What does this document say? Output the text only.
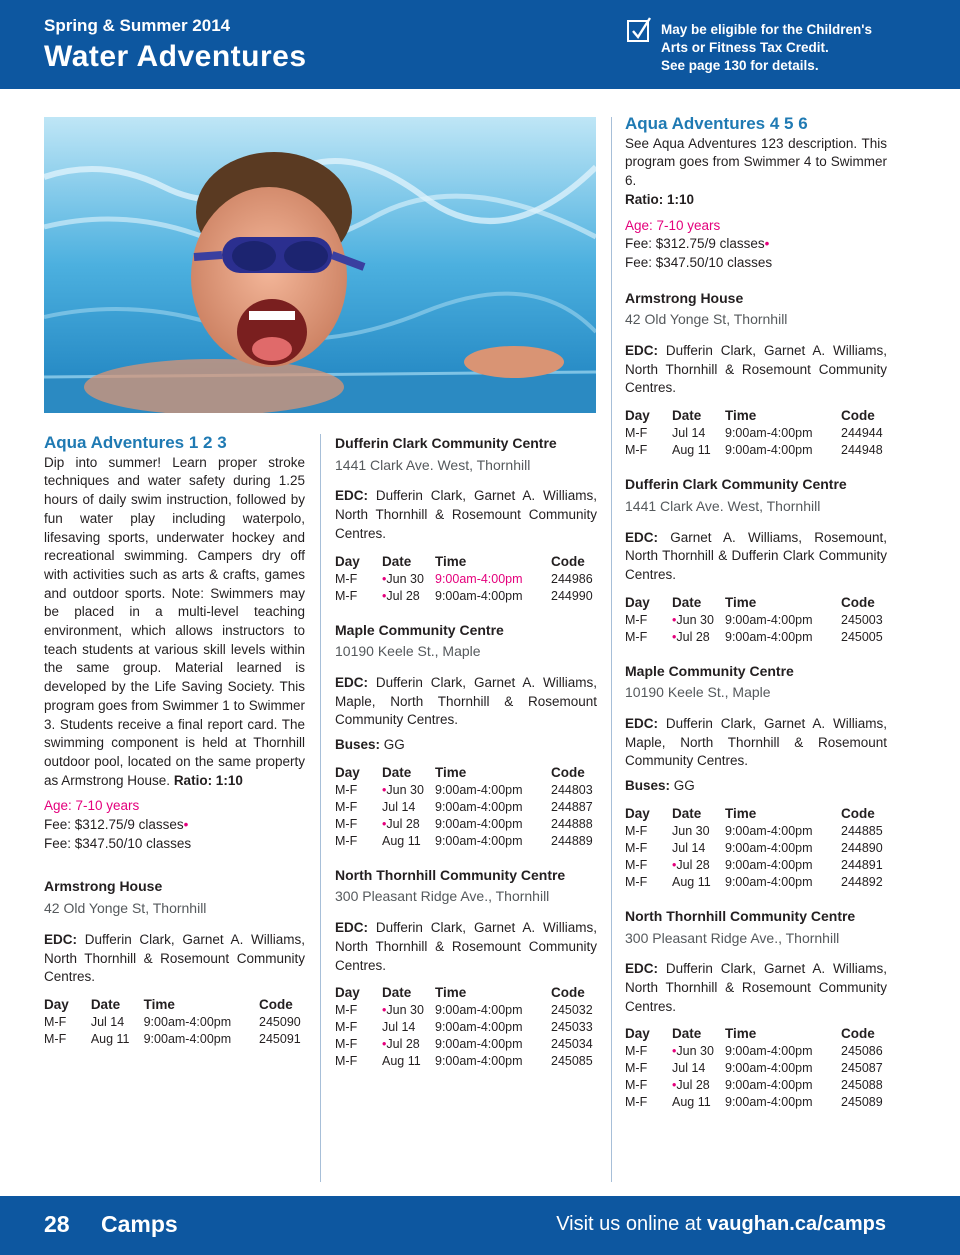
Spring & Summer 2014
Water Adventures
May be eligible for the Children's
Arts or Fitness Tax Credit.
See page 130 for details.
Aqua Adventures 1 2 3
Dip into summer! Learn proper stroke techniques and water safety during 1.25 hours of daily swim instruction, followed by fun water play including waterpolo, lifesaving sports, underwater hockey and recreational swimming. Campers dry off with activities such as arts & crafts, games and outdoor sports. Note: Swimmers may be placed in a multi-level teaching environment, which allows instructors to teach students at various skill levels within the same group. Material learned is developed by the Life Saving Society. This program goes from Swimmer 1 to Swimmer 3. Students receive a final report card. The swimming component is held at Thornhill outdoor pool, located on the same property as Armstrong House. Ratio: 1:10
Age: 7-10 years
Fee: $312.75/9 classes•
Fee: $347.50/10 classes
Armstrong House
42 Old Yonge St, Thornhill
EDC: Dufferin Clark, Garnet A. Williams, North Thornhill & Rosemount Community Centres.
Day	Date	Time	Code
M-F	Jul 14	9:00am-4:00pm	245090
M-F	Aug 11	9:00am-4:00pm	245091
Dufferin Clark Community Centre
1441 Clark Ave. West, Thornhill
EDC: Dufferin Clark, Garnet A. Williams, North Thornhill & Rosemount Community Centres.
Day	Date	Time	Code
M-F	•Jun 30	9:00am-4:00pm	244986
M-F	•Jul 28	9:00am-4:00pm	244990
Maple Community Centre
10190 Keele St., Maple
EDC: Dufferin Clark, Garnet A. Williams, Maple, North Thornhill & Rosemount Community Centres.
Buses: GG
Day	Date	Time	Code
M-F	•Jun 30	9:00am-4:00pm	244803
M-F	Jul 14	9:00am-4:00pm	244887
M-F	•Jul 28	9:00am-4:00pm	244888
M-F	Aug 11	9:00am-4:00pm	244889
North Thornhill Community Centre
300 Pleasant Ridge Ave., Thornhill
EDC: Dufferin Clark, Garnet A. Williams, North Thornhill & Rosemount Community Centres.
Day	Date	Time	Code
M-F	•Jun 30	9:00am-4:00pm	245032
M-F	Jul 14	9:00am-4:00pm	245033
M-F	•Jul 28	9:00am-4:00pm	245034
M-F	Aug 11	9:00am-4:00pm	245085
Aqua Adventures 4 5 6
See Aqua Adventures 123 description. This program goes from Swimmer 4 to Swimmer 6.
Ratio: 1:10
Age: 7-10 years
Fee: $312.75/9 classes•
Fee: $347.50/10 classes
Armstrong House
42 Old Yonge St, Thornhill
EDC: Dufferin Clark, Garnet A. Williams, North Thornhill & Rosemount Community Centres.
Day	Date	Time	Code
M-F	Jul 14	9:00am-4:00pm	244944
M-F	Aug 11	9:00am-4:00pm	244948
Dufferin Clark Community Centre
1441 Clark Ave. West, Thornhill
EDC: Garnet A. Williams, Rosemount, North Thornhill & Dufferin Clark Community Centres.
Day	Date	Time	Code
M-F	•Jun 30	9:00am-4:00pm	245003
M-F	•Jul 28	9:00am-4:00pm	245005
Maple Community Centre
10190 Keele St., Maple
EDC: Dufferin Clark, Garnet A. Williams, Maple, North Thornhill & Rosemount Community Centres.
Buses: GG
Day	Date	Time	Code
M-F	Jun 30	9:00am-4:00pm	244885
M-F	Jul 14	9:00am-4:00pm	244890
M-F	•Jul 28	9:00am-4:00pm	244891
M-F	Aug 11	9:00am-4:00pm	244892
North Thornhill Community Centre
300 Pleasant Ridge Ave., Thornhill
EDC: Dufferin Clark, Garnet A. Williams, North Thornhill & Rosemount Community Centres.
Day	Date	Time	Code
M-F	•Jun 30	9:00am-4:00pm	245086
M-F	Jul 14	9:00am-4:00pm	245087
M-F	•Jul 28	9:00am-4:00pm	245088
M-F	Aug 11	9:00am-4:00pm	245089
28 Camps	Visit us online at vaughan.ca/camps
